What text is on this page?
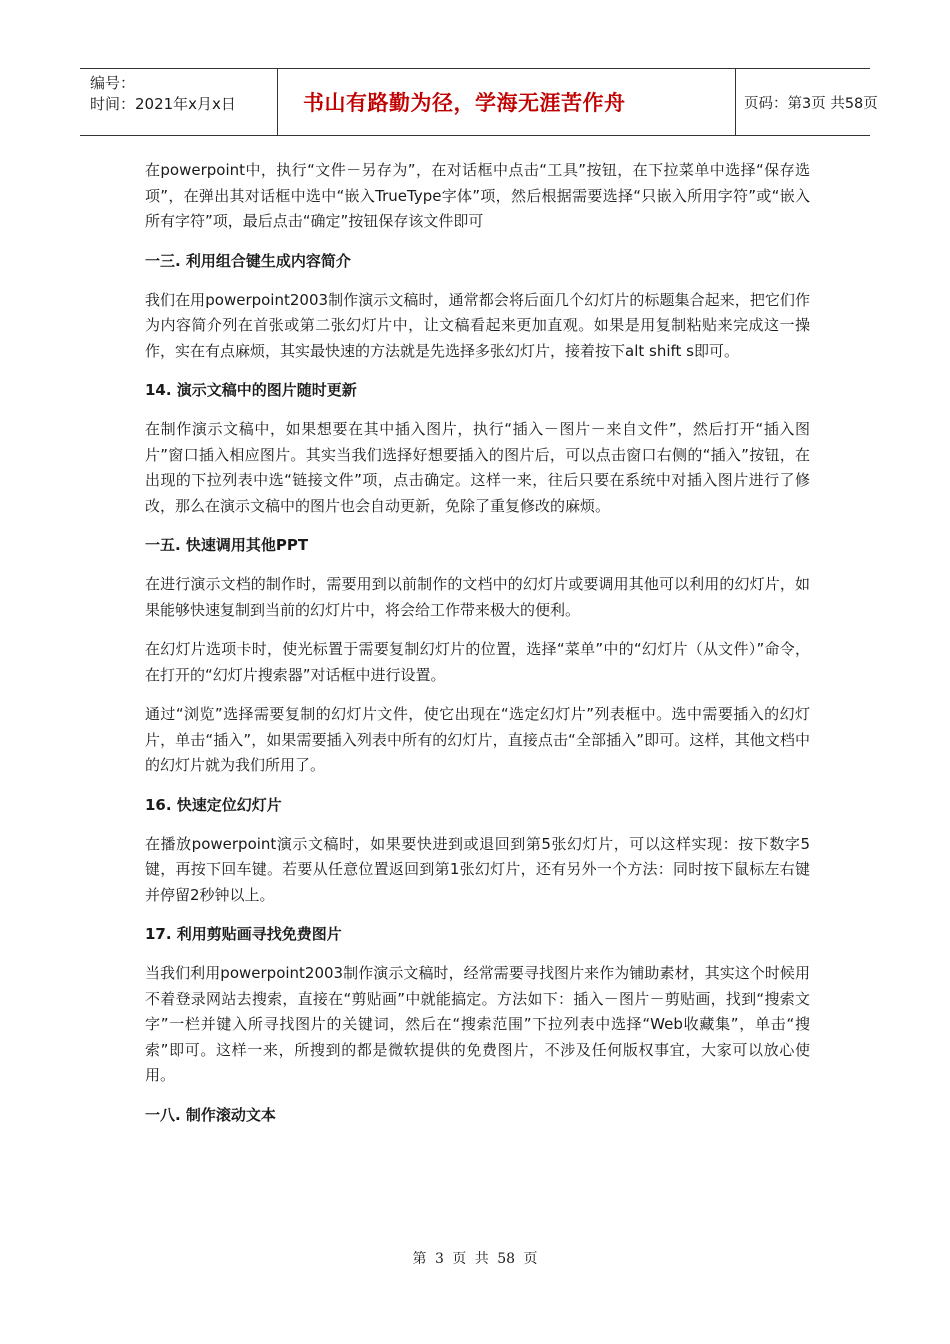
编号：
时间：2021年x月x日	书山有路勤为径，学海无涯苦作舟	页码：第3页 共58页
在powerpoint中，执行“文件－另存为”，在对话框中点击“工具”按钮，在下拉菜单中选择“保存选项”，在弹出其对话框中选中“嵌入TrueType字体”项，然后根据需要选择“只嵌入所用字符”或“嵌入所有字符”项，最后点击“确定”按钮保存该文件即可
一三. 利用组合键生成内容简介
我们在用powerpoint2003制作演示文稿时，通常都会将后面几个幻灯片的标题集合起来，把它们作为内容简介列在首张或第二张幻灯片中，让文稿看起来更加直观。如果是用复制粘贴来完成这一操作，实在有点麻烦，其实最快速的方法就是先选择多张幻灯片，接着按下alt shift s即可。
14. 演示文稿中的图片随时更新
在制作演示文稿中，如果想要在其中插入图片，执行“插入－图片－来自文件”，然后打开“插入图片”窗口插入相应图片。其实当我们选择好想要插入的图片后，可以点击窗口右侧的“插入”按钮，在出现的下拉列表中选“链接文件”项，点击确定。这样一来，往后只要在系统中对插入图片进行了修改，那么在演示文稿中的图片也会自动更新，免除了重复修改的麻烦。
一五. 快速调用其他PPT
在进行演示文档的制作时，需要用到以前制作的文档中的幻灯片或要调用其他可以利用的幻灯片，如果能够快速复制到当前的幻灯片中，将会给工作带来极大的便利。
在幻灯片选项卡时，使光标置于需要复制幻灯片的位置，选择“菜单”中的“幻灯片（从文件）”命令，在打开的“幻灯片搜索器”对话框中进行设置。
通过“浏览”选择需要复制的幻灯片文件，使它出现在“选定幻灯片”列表框中。选中需要插入的幻灯片，单击“插入”，如果需要插入列表中所有的幻灯片，直接点击“全部插入”即可。这样，其他文档中的幻灯片就为我们所用了。
16. 快速定位幻灯片
在播放powerpoint演示文稿时，如果要快进到或退回到第5张幻灯片，可以这样实现：按下数字5键，再按下回车键。若要从任意位置返回到第1张幻灯片，还有另外一个方法：同时按下鼠标左右键并停留2秒钟以上。
17. 利用剪贴画寻找免费图片
当我们利用powerpoint2003制作演示文稿时，经常需要寻找图片来作为铺助素材，其实这个时候用不着登录网站去搜索，直接在“剪贴画”中就能搞定。方法如下：插入－图片－剪贴画，找到“搜索文字”一栏并键入所寻找图片的关键词，然后在“搜索范围”下拉列表中选择“Web收藏集”，单击“搜索”即可。这样一来，所搜到的都是微软提供的免费图片，不涉及任何版权事宜，大家可以放心使用。
一八. 制作滚动文本
第 3 页 共 58 页
